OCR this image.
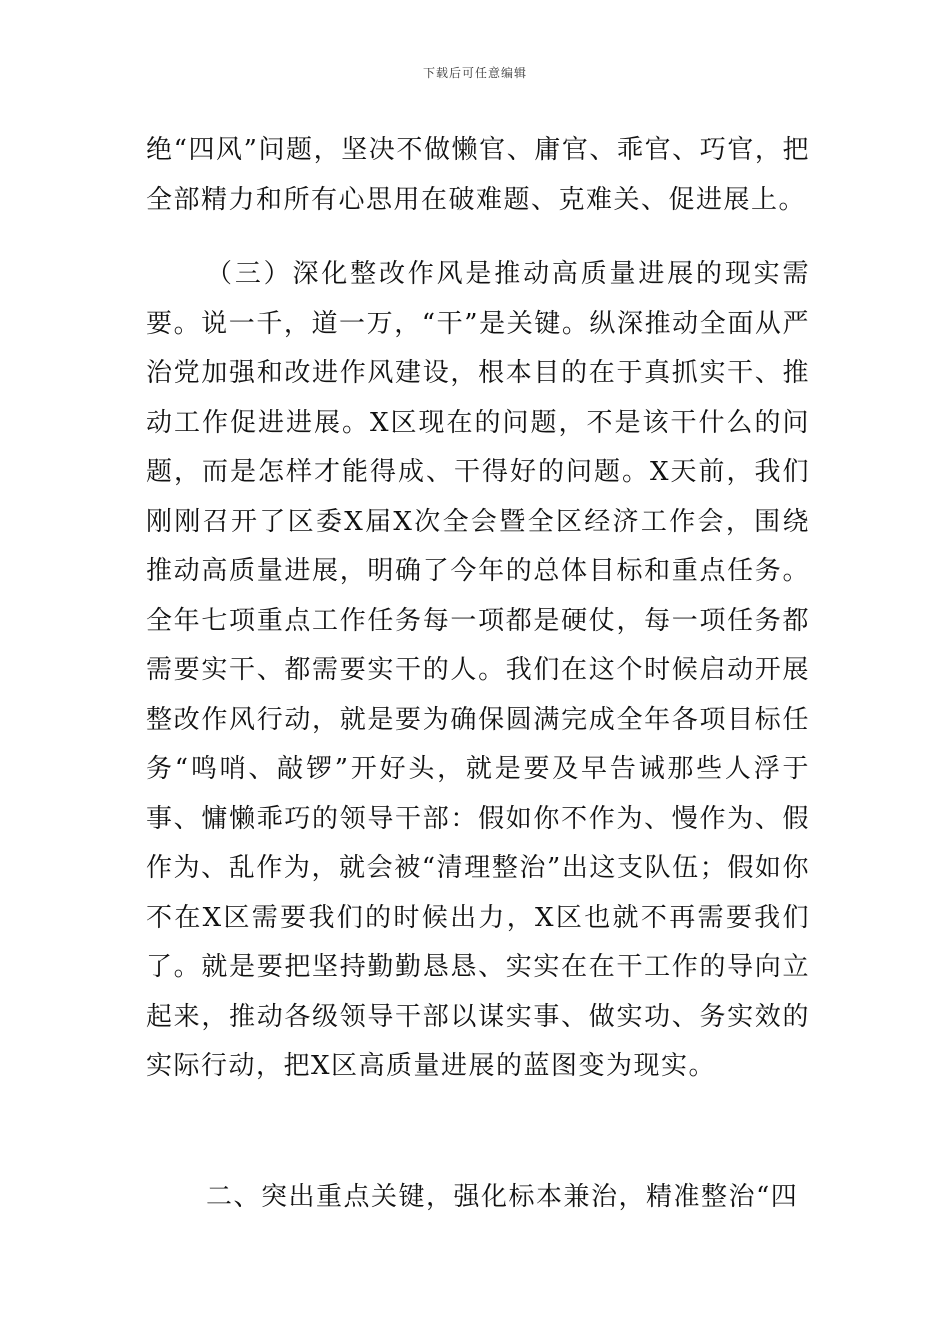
下载后可任意编辑

绝“四风”问题，坚决不做懒官、庸官、乖官、巧官，把全部精力和所有心思用在破难题、克难关、促进展上。

（三）深化整改作风是推动高质量进展的现实需要。说一千，道一万，“干”是关键。纵深推动全面从严治党加强和改进作风建设，根本目的在于真抓实干、推动工作促进进展。X区现在的问题，不是该干什么的问题，而是怎样才能得成、干得好的问题。X天前，我们刚刚召开了区委X届X次全会暨全区经济工作会，围绕推动高质量进展，明确了今年的总体目标和重点任务。全年七项重点工作任务每一项都是硬仗，每一项任务都需要实干、都需要实干的人。我们在这个时候启动开展整改作风行动，就是要为确保圆满完成全年各项目标任务“鸣哨、敲锣”开好头，就是要及早告诫那些人浮于事、慵懒乖巧的领导干部：假如你不作为、慢作为、假作为、乱作为，就会被“清理整治”出这支队伍；假如你不在X区需要我们的时候出力，X区也就不再需要我们了。就是要把坚持勤勤恳恳、实实在在干工作的导向立起来，推动各级领导干部以谋实事、做实功、务实效的实际行动，把X区高质量进展的蓝图变为现实。

二、突出重点关键，强化标本兼治，精准整治“四
